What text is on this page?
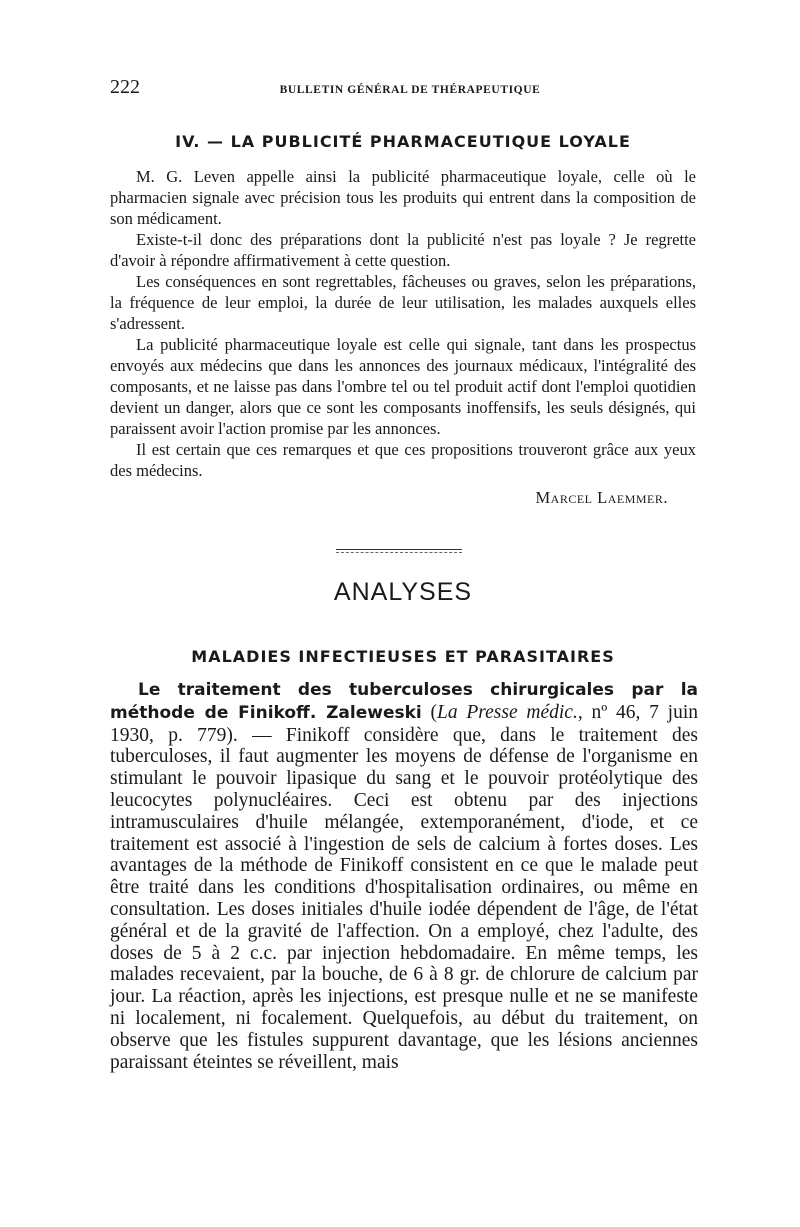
222	BULLETIN GÉNÉRAL DE THÉRAPEUTIQUE
IV. — LA PUBLICITÉ PHARMACEUTIQUE LOYALE

M. G. Leven appelle ainsi la publicité pharmaceutique loyale, celle où le pharmacien signale avec précision tous les produits qui entrent dans la composition de son médicament.

Existe-t-il donc des préparations dont la publicité n'est pas loyale ? Je regrette d'avoir à répondre affirmativement à cette question.

Les conséquences en sont regrettables, fâcheuses ou graves, selon les préparations, la fréquence de leur emploi, la durée de leur utilisation, les malades auxquels elles s'adressent.

La publicité pharmaceutique loyale est celle qui signale, tant dans les prospectus envoyés aux médecins que dans les annonces des journaux médicaux, l'intégralité des composants, et ne laisse pas dans l'ombre tel ou tel produit actif dont l'emploi quotidien devient un danger, alors que ce sont les composants inoffensifs, les seuls désignés, qui paraissent avoir l'action promise par les annonces.

Il est certain que ces remarques et que ces propositions trouveront grâce aux yeux des médecins.

Marcel Laemmer.
ANALYSES
MALADIES INFECTIEUSES ET PARASITAIRES

Le traitement des tuberculoses chirurgicales par la méthode de Finikoff. Zaleweski (La Presse médic., nº 46, 7 juin 1930, p. 779). — Finikoff considère que, dans le traitement des tuberculoses, il faut augmenter les moyens de défense de l'organisme en stimulant le pouvoir lipasique du sang et le pouvoir protéolytique des leucocytes polynucléaires. Ceci est obtenu par des injections intramusculaires d'huile mélangée, extemporanément, d'iode, et ce traitement est associé à l'ingestion de sels de calcium à fortes doses. Les avantages de la méthode de Finikoff consistent en ce que le malade peut être traité dans les conditions d'hospitalisation ordinaires, ou même en consultation. Les doses initiales d'huile iodée dépendent de l'âge, de l'état général et de la gravité de l'affection. On a employé, chez l'adulte, des doses de 5 à 2 c.c. par injection hebdomadaire. En même temps, les malades recevaient, par la bouche, de 6 à 8 gr. de chlorure de calcium par jour. La réaction, après les injections, est presque nulle et ne se manifeste ni localement, ni focalement. Quelquefois, au début du traitement, on observe que les fistules suppurent davantage, que les lésions anciennes paraissant éteintes se réveillent, mais
